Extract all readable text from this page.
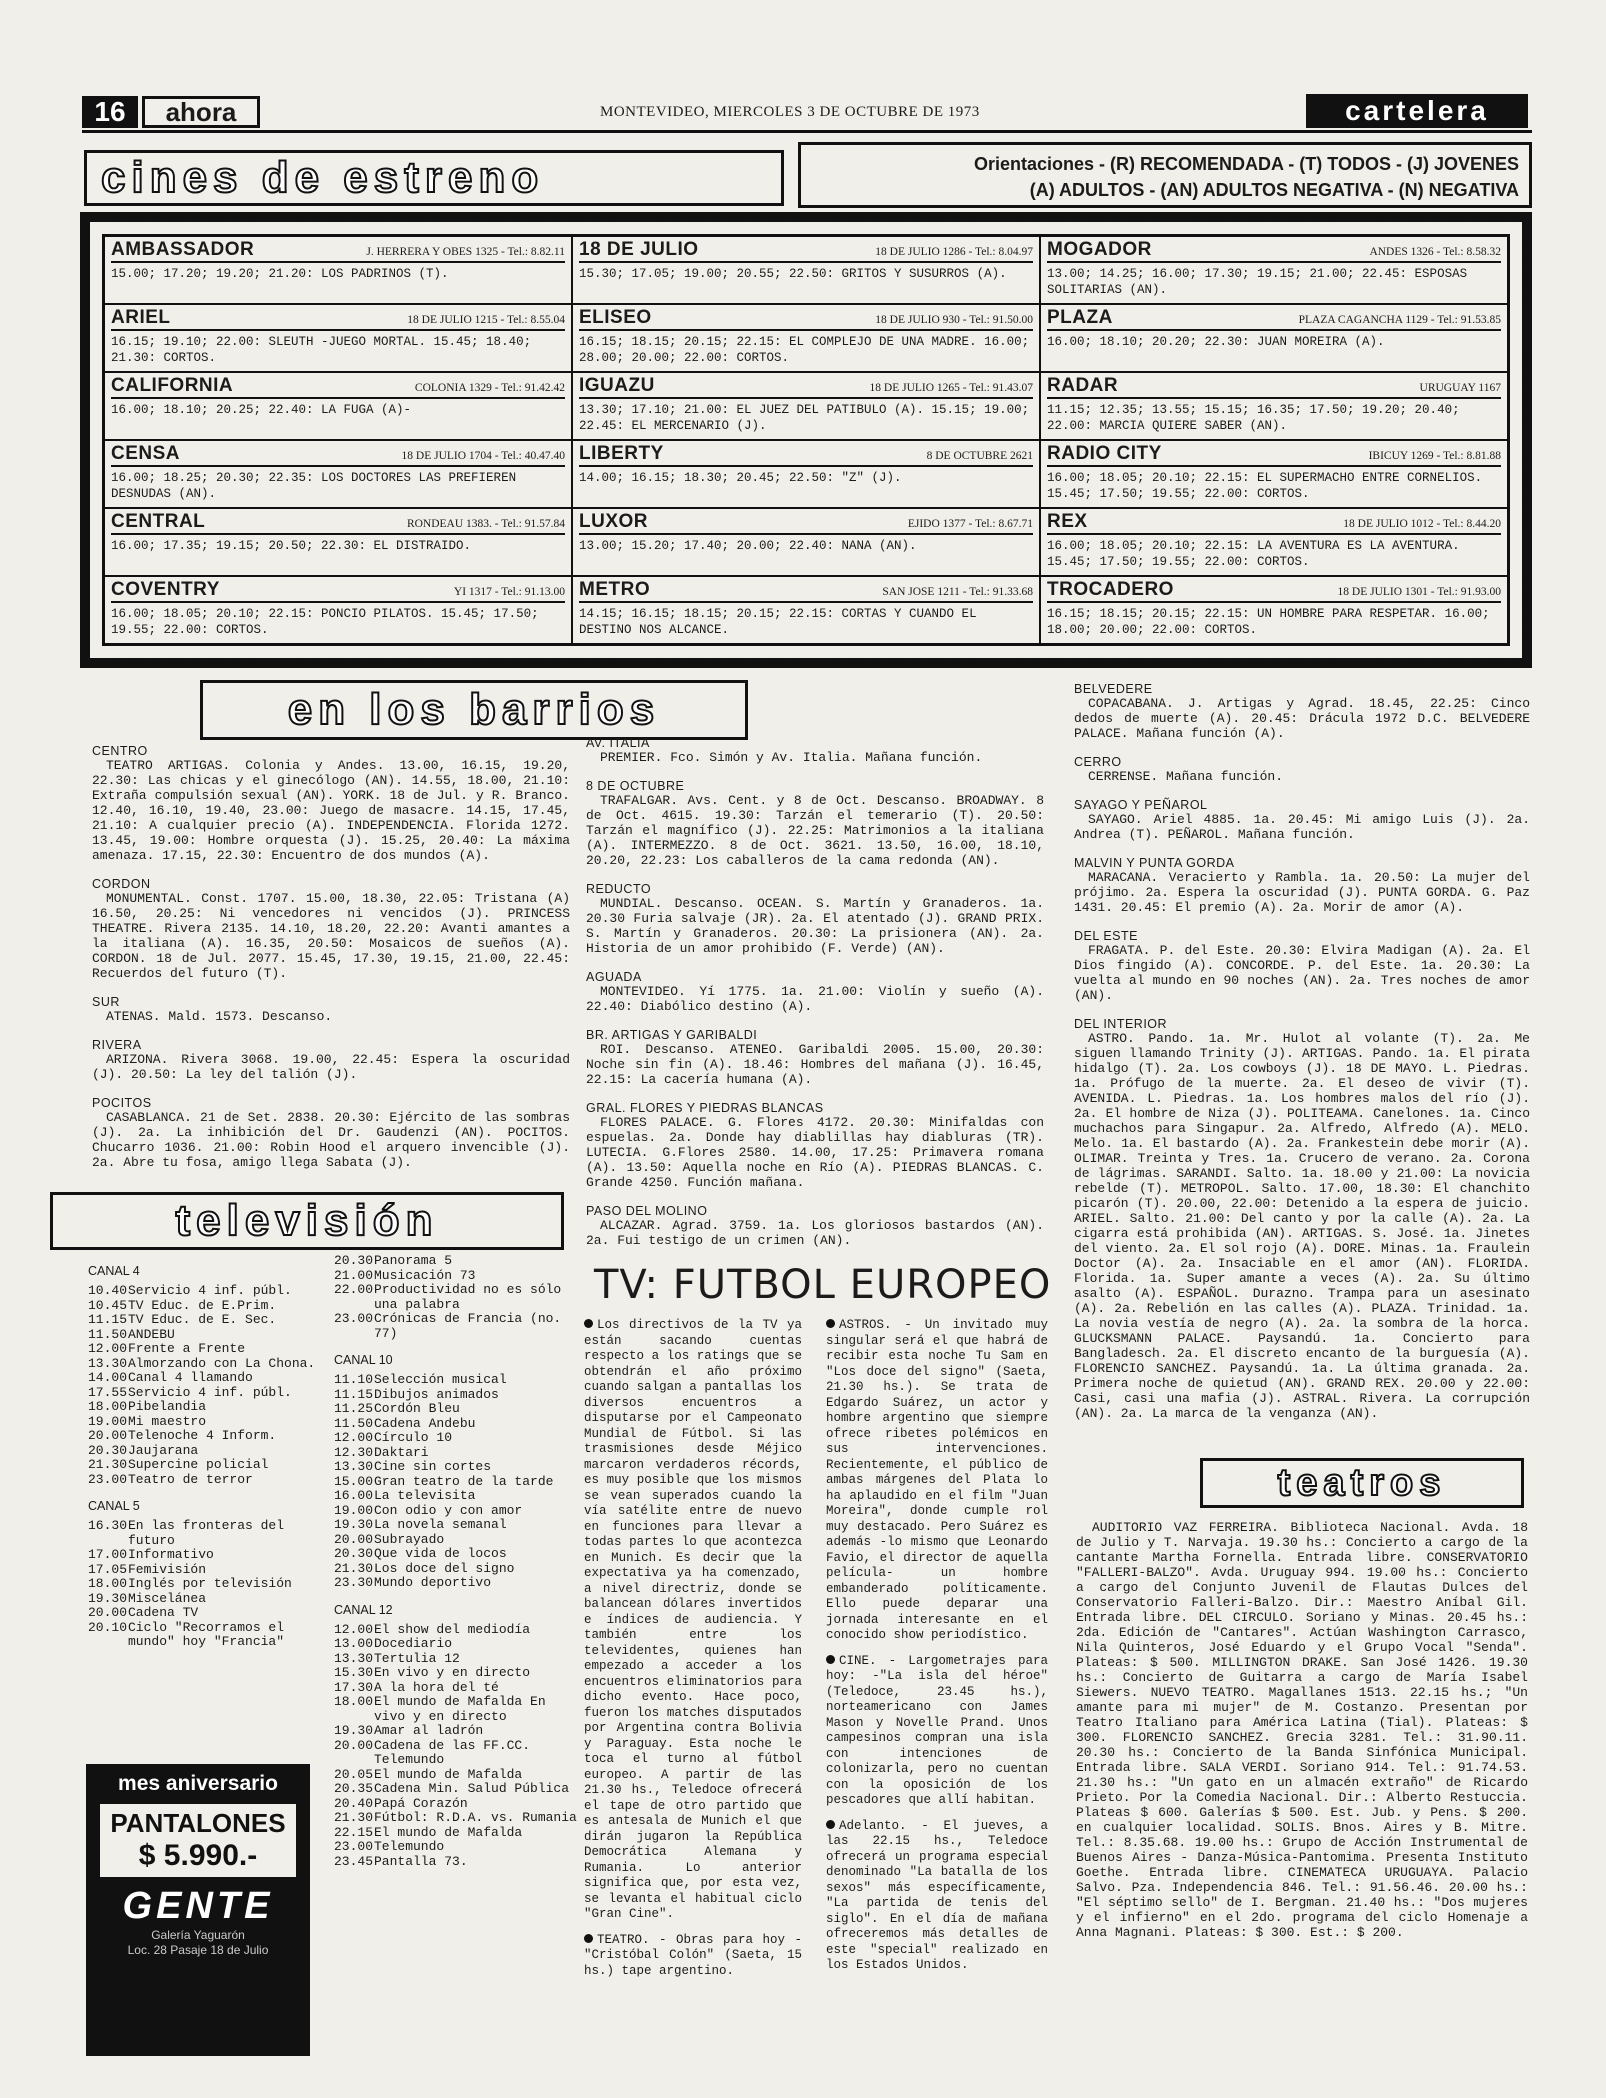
16	ahora	MONTEVIDEO, MIERCOLES 3 DE OCTUBRE DE 1973	cartelera
cines de estreno	Orientaciones - (R) RECOMENDADA - (T) TODOS - (J) JOVENES
(A) ADULTOS - (AN) ADULTOS NEGATIVA - (N) NEGATIVA
AMBASSADOR	J. HERRERA Y OBES 1325 - Tel.: 8.82.11
15.00; 17.20; 19.20; 21.20: LOS PADRINOS (T).
18 DE JULIO	18 DE JULIO 1286 - Tel.: 8.04.97
15.30; 17.05; 19.00; 20.55; 22.50: GRITOS Y SUSURROS (A).
MOGADOR	ANDES 1326 - Tel.: 8.58.32
13.00; 14.25; 16.00; 17.30; 19.15; 21.00; 22.45: ESPOSAS SOLITARIAS (AN).
ARIEL	18 DE JULIO 1215 - Tel.: 8.55.04
16.15; 19.10; 22.00: SLEUTH -JUEGO MORTAL. 15.45; 18.40; 21.30: CORTOS.
ELISEO	18 DE JULIO 930 - Tel.: 91.50.00
16.15; 18.15; 20.15; 22.15: EL COMPLEJO DE UNA MADRE. 16.00; 28.00; 20.00; 22.00: CORTOS.
PLAZA	PLAZA CAGANCHA 1129 - Tel.: 91.53.85
16.00; 18.10; 20.20; 22.30: JUAN MOREIRA (A).
CALIFORNIA	COLONIA 1329 - Tel.: 91.42.42
16.00; 18.10; 20.25; 22.40: LA FUGA (A)-
IGUAZU	18 DE JULIO 1265 - Tel.: 91.43.07
13.30; 17.10; 21.00: EL JUEZ DEL PATIBULO (A). 15.15; 19.00; 22.45: EL MERCENARIO (J).
RADAR	URUGUAY 1167
11.15; 12.35; 13.55; 15.15; 16.35; 17.50; 19.20; 20.40; 22.00: MARCIA QUIERE SABER (AN).
CENSA	18 DE JULIO 1704 - Tel.: 40.47.40
16.00; 18.25; 20.30; 22.35: LOS DOCTORES LAS PREFIEREN DESNUDAS (AN).
LIBERTY	8 DE OCTUBRE 2621
14.00; 16.15; 18.30; 20.45; 22.50: "Z" (J).
RADIO CITY	IBICUY 1269 - Tel.: 8.81.88
16.00; 18.05; 20.10; 22.15: EL SUPERMACHO ENTRE CORNELIOS. 15.45; 17.50; 19.55; 22.00: CORTOS.
CENTRAL	RONDEAU 1383. - Tel.: 91.57.84
16.00; 17.35; 19.15; 20.50; 22.30: EL DISTRAIDO.
LUXOR	EJIDO 1377 - Tel.: 8.67.71
13.00; 15.20; 17.40; 20.00; 22.40: NANA (AN).
REX	18 DE JULIO 1012 - Tel.: 8.44.20
16.00; 18.05; 20.10; 22.15: LA AVENTURA ES LA AVENTURA. 15.45; 17.50; 19.55; 22.00: CORTOS.
COVENTRY	YI 1317 - Tel.: 91.13.00
16.00; 18.05; 20.10; 22.15: PONCIO PILATOS. 15.45; 17.50; 19.55; 22.00: CORTOS.
METRO	SAN JOSE 1211 - Tel.: 91.33.68
14.15; 16.15; 18.15; 20.15; 22.15: CORTAS Y CUANDO EL DESTINO NOS ALCANCE.
TROCADERO	18 DE JULIO 1301 - Tel.: 91.93.00
16.15; 18.15; 20.15; 22.15: UN HOMBRE PARA RESPETAR. 16.00; 18.00; 20.00; 22.00: CORTOS.
en los barrios
CENTRO
TEATRO ARTIGAS. Colonia y Andes. 13.00, 16.15, 19.20, 22.30: Las chicas y el ginecólogo (AN). 14.55, 18.00, 21.10: Extraña compulsión sexual (AN). YORK. 18 de Jul. y R. Branco. 12.40, 16.10, 19.40, 23.00: Juego de masacre. 14.15, 17.45, 21.10: A cualquier precio (A). INDEPENDENCIA. Florida 1272. 13.45, 19.00: Hombre orquesta (J). 15.25, 20.40: La máxima amenaza. 17.15, 22.30: Encuentro de dos mundos (A).
CORDON
MONUMENTAL. Const. 1707. 15.00, 18.30, 22.05: Tristana (A) 16.50, 20.25: Ni vencedores ni vencidos (J). PRINCESS THEATRE. Rivera 2135. 14.10, 18.20, 22.20: Avanti amantes a la italiana (A). 16.35, 20.50: Mosaicos de sueños (A). CORDON. 18 de Jul. 2077. 15.45, 17.30, 19.15, 21.00, 22.45: Recuerdos del futuro (T).
SUR
ATENAS. Mald. 1573. Descanso.
RIVERA
ARIZONA. Rivera 3068. 19.00, 22.45: Espera la oscuridad (J). 20.50: La ley del talión (J).
POCITOS
CASABLANCA. 21 de Set. 2838. 20.30: Ejército de las sombras (J). 2a. La inhibición del Dr. Gaudenzi (AN). POCITOS. Chucarro 1036. 21.00: Robin Hood el arquero invencible (J). 2a. Abre tu fosa, amigo llega Sabata (J).
AV. ITALIA
PREMIER. Fco. Simón y Av. Italia. Mañana función.
8 DE OCTUBRE
TRAFALGAR. Avs. Cent. y 8 de Oct. Descanso. BROADWAY. 8 de Oct. 4615. 19.30: Tarzán el temerario (T). 20.50: Tarzán el magnífico (J). 22.25: Matrimonios a la italiana (A). INTERMEZZO. 8 de Oct. 3621. 13.50, 16.00, 18.10, 20.20, 22.23: Los caballeros de la cama redonda (AN).
REDUCTO
MUNDIAL. Descanso. OCEAN. S. Martín y Granaderos. 1a. 20.30 Furia salvaje (JR). 2a. El atentado (J). GRAND PRIX. S. Martín y Granaderos. 20.30: La prisionera (AN). 2a. Historia de un amor prohibido (F. Verde) (AN).
AGUADA
MONTEVIDEO. Yí 1775. 1a. 21.00: Violín y sueño (A). 22.40: Diabólico destino (A).
BR. ARTIGAS Y GARIBALDI
ROI. Descanso. ATENEO. Garibaldi 2005. 15.00, 20.30: Noche sin fin (A). 18.46: Hombres del mañana (J). 16.45, 22.15: La cacería humana (A).
GRAL. FLORES Y PIEDRAS BLANCAS
FLORES PALACE. G. Flores 4172. 20.30: Minifaldas con espuelas. 2a. Donde hay diablillas hay diabluras (TR). LUTECIA. G.Flores 2580. 14.00, 17.25: Primavera romana (A). 13.50: Aquella noche en Río (A). PIEDRAS BLANCAS. C. Grande 4250. Función mañana.
PASO DEL MOLINO
ALCAZAR. Agrad. 3759. 1a. Los gloriosos bastardos (AN). 2a. Fui testigo de un crimen (AN).
BELVEDERE
COPACABANA. J. Artigas y Agrad. 18.45, 22.25: Cinco dedos de muerte (A). 20.45: Drácula 1972 D.C. BELVEDERE PALACE. Mañana función (A).
CERRO
CERRENSE. Mañana función.
SAYAGO Y PEÑAROL
SAYAGO. Ariel 4885. 1a. 20.45: Mi amigo Luis (J). 2a. Andrea (T). PEÑAROL. Mañana función.
MALVIN Y PUNTA GORDA
MARACANA. Veracierto y Rambla. 1a. 20.50: La mujer del prójimo. 2a. Espera la oscuridad (J). PUNTA GORDA. G. Paz 1431. 20.45: El premio (A). 2a. Morir de amor (A).
DEL ESTE
FRAGATA. P. del Este. 20.30: Elvira Madigan (A). 2a. El Dios fingido (A). CONCORDE. P. del Este. 1a. 20.30: La vuelta al mundo en 90 noches (AN). 2a. Tres noches de amor (AN).
DEL INTERIOR
ASTRO. Pando. 1a. Mr. Hulot al volante (T). 2a. Me siguen llamando Trinity (J). ARTIGAS. Pando. 1a. El pirata hidalgo (T). 2a. Los cowboys (J). 18 DE MAYO. L. Piedras. 1a. Prófugo de la muerte. 2a. El deseo de vivir (T). AVENIDA. L. Piedras. 1a. Los hombres malos del río (J). 2a. El hombre de Niza (J). POLITEAMA. Canelones. 1a. Cinco muchachos para Singapur. 2a. Alfredo, Alfredo (A). MELO. Melo. 1a. El bastardo (A). 2a. Frankestein debe morir (A). OLIMAR. Treinta y Tres. 1a. Crucero de verano. 2a. Corona de lágrimas. SARANDI. Salto. 1a. 18.00 y 21.00: La novicia rebelde (T). METROPOL. Salto. 17.00, 18.30: El chanchito picarón (T). 20.00, 22.00: Detenido a la espera de juicio. ARIEL. Salto. 21.00: Del canto y por la calle (A). 2a. La cigarra está prohibida (AN). ARTIGAS. S. José. 1a. Jinetes del viento. 2a. El sol rojo (A). DORE. Minas. 1a. Fraulein Doctor (A). 2a. Insaciable en el amor (AN). FLORIDA. Florida. 1a. Super amante a veces (A). 2a. Su último asalto (A). ESPAÑOL. Durazno. Trampa para un asesinato (A). 2a. Rebelión en las calles (A). PLAZA. Trinidad. 1a. La novia vestía de negro (A). 2a. la sombra de la horca. GLUCKSMANN PALACE. Paysandú. 1a. Concierto para Bangladesch. 2a. El discreto encanto de la burguesía (A). FLORENCIO SANCHEZ. Paysandú. 1a. La última granada. 2a. Primera noche de quietud (AN). GRAND REX. 20.00 y 22.00: Casi, casi una mafia (J). ASTRAL. Rivera. La corrupción (AN). 2a. La marca de la venganza (AN).
televisión
CANAL 4
10.40 Servicio 4 inf. públ.
10.45 TV Educ. de E.Prim.
11.15 TV Educ. de E. Sec.
11.50 ANDEBU
12.00 Frente a Frente
13.30 Almorzando con La Chona.
14.00 Canal 4 llamando
17.55 Servicio 4 inf. públ.
18.00 Pibelandia
19.00 Mi maestro
20.00 Telenoche 4 Inform.
20.30 Jaujarana
21.30 Supercine policial
23.00 Teatro de terror
CANAL 5
16.30 En las fronteras del futuro
17.00 Informativo
17.05 Femivisión
18.00 Inglés por televisión
19.30 Miscelánea
20.00 Cadena TV
20.10 Ciclo "Recorramos el mundo" hoy "Francia"
20.30 Panorama 5
21.00 Musicación 73
22.00 Productividad no es sólo una palabra
23.00 Crónicas de Francia (no. 77)
CANAL 10
11.10 Selección musical
11.15 Dibujos animados
11.25 Cordón Bleu
11.50 Cadena Andebu
12.00 Círculo 10
12.30 Daktari
13.30 Cine sin cortes
15.00 Gran teatro de la tarde
16.00 La televisita
19.00 Con odio y con amor
19.30 La novela semanal
20.00 Subrayado
20.30 Que vida de locos
21.30 Los doce del signo
23.30 Mundo deportivo
CANAL 12
12.00 El show del mediodía
13.00 Docediario
13.30 Tertulia 12
15.30 En vivo y en directo
17.30 A la hora del té
18.00 El mundo de Mafalda En vivo y en directo
19.30 Amar al ladrón
20.00 Cadena de las FF.CC. Telemundo
20.05 El mundo de Mafalda
20.35 Cadena Min. Salud Pública
20.40 Papá Corazón
21.30 Fútbol: R.D.A. vs. Rumania
22.15 El mundo de Mafalda
23.00 Telemundo
23.45 Pantalla 73.
mes aniversario
PANTALONES
$ 5.990.-
GENTE
Galería Yaguarón
Loc. 28 Pasaje 18 de Julio
TV: FUTBOL EUROPEO
Los directivos de la TV ya están sacando cuentas respecto a los ratings que se obtendrán el año próximo cuando salgan a pantallas los diversos encuentros a disputarse por el Campeonato Mundial de Fútbol. Si las trasmisiones desde Méjico marcaron verdaderos récords, es muy posible que los mismos se vean superados cuando la vía satélite entre de nuevo en funciones para llevar a todas partes lo que acontezca en Munich. Es decir que la expectativa ya ha comenzado, a nivel directriz, donde se balancean dólares invertidos e índices de audiencia. Y también entre los televidentes, quienes han empezado a acceder a los encuentros eliminatorios para dicho evento. Hace poco, fueron los matches disputados por Argentina contra Bolivia y Paraguay. Esta noche le toca el turno al fútbol europeo. A partir de las 21.30 hs., Teledoce ofrecerá el tape de otro partido que es antesala de Munich el que dirán jugaron la República Democrática Alemana y Rumania. Lo anterior significa que, por esta vez, se levanta el habitual ciclo "Gran Cine".
TEATRO. - Obras para hoy -"Cristóbal Colón" (Saeta, 15 hs.) tape argentino.
ASTROS. - Un invitado muy singular será el que habrá de recibir esta noche Tu Sam en "Los doce del signo" (Saeta, 21.30 hs.). Se trata de Edgardo Suárez, un actor y hombre argentino que siempre ofrece ribetes polémicos en sus intervenciones. Recientemente, el público de ambas márgenes del Plata lo ha aplaudido en el film "Juan Moreira", donde cumple rol muy destacado. Pero Suárez es además -lo mismo que Leonardo Favio, el director de aquella película- un hombre embanderado políticamente. Ello puede deparar una jornada interesante en el conocido show periodístico.
CINE. - Largometrajes para hoy: -"La isla del héroe" (Teledoce, 23.45 hs.), norteamericano con James Mason y Novelle Prand. Unos campesinos compran una isla con intenciones de colonizarla, pero no cuentan con la oposición de los pescadores que allí habitan.
Adelanto. - El jueves, a las 22.15 hs., Teledoce ofrecerá un programa especial denominado "La batalla de los sexos" más específicamente, "La partida de tenis del siglo". En el día de mañana ofreceremos más detalles de este "special" realizado en los Estados Unidos.
teatros
AUDITORIO VAZ FERREIRA. Biblioteca Nacional. Avda. 18 de Julio y T. Narvaja. 19.30 hs.: Concierto a cargo de la cantante Martha Fornella. Entrada libre. CONSERVATORIO "FALLERI-BALZO". Avda. Uruguay 994. 19.00 hs.: Concierto a cargo del Conjunto Juvenil de Flautas Dulces del Conservatorio Falleri-Balzo. Dir.: Maestro Aníbal Gil. Entrada libre. DEL CIRCULO. Soriano y Minas. 20.45 hs.: 2da. Edición de "Cantares". Actúan Washington Carrasco, Nila Quinteros, José Eduardo y el Grupo Vocal "Senda". Plateas: $ 500. MILLINGTON DRAKE. San José 1426. 19.30 hs.: Concierto de Guitarra a cargo de María Isabel Siewers. NUEVO TEATRO. Magallanes 1513. 22.15 hs.; "Un amante para mi mujer" de M. Costanzo. Presentan por Teatro Italiano para América Latina (Tial). Plateas: $ 300. FLORENCIO SANCHEZ. Grecia 3281. Tel.: 31.90.11. 20.30 hs.: Concierto de la Banda Sinfónica Municipal. Entrada libre. SALA VERDI. Soriano 914. Tel.: 91.74.53. 21.30 hs.: "Un gato en un almacén extraño" de Ricardo Prieto. Por la Comedia Nacional. Dir.: Alberto Restuccia. Plateas $ 600. Galerías $ 500. Est. Jub. y Pens. $ 200. en cualquier localidad. SOLIS. Bnos. Aires y B. Mitre. Tel.: 8.35.68. 19.00 hs.: Grupo de Acción Instrumental de Buenos Aires - Danza-Música-Pantomima. Presenta Instituto Goethe. Entrada libre. CINEMATECA URUGUAYA. Palacio Salvo. Pza. Independencia 846. Tel.: 91.56.46. 20.00 hs.: "El séptimo sello" de I. Bergman. 21.40 hs.: "Dos mujeres y el infierno" en el 2do. programa del ciclo Homenaje a Anna Magnani. Plateas: $ 300. Est.: $ 200.
